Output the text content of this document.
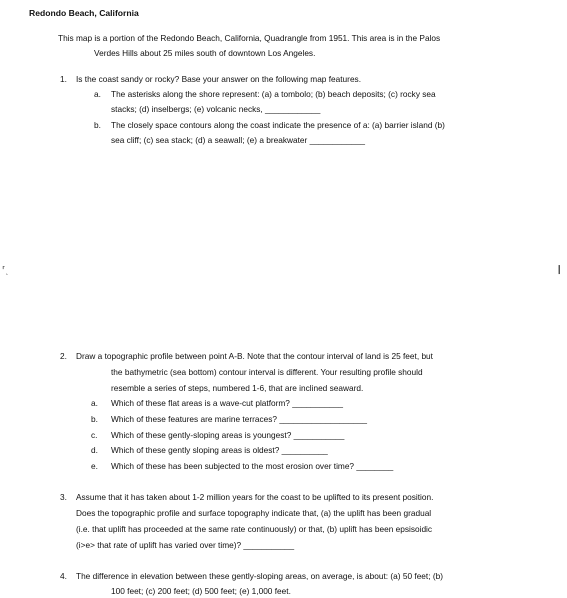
Redondo Beach, California
This map is a portion of the Redondo Beach, California, Quadrangle from 1951. This area is in the Palos
Verdes Hills about 25 miles south of downtown Los Angeles.
1. Is the coast sandy or rocky? Base your answer on the following map features.
a. The asterisks along the shore represent: (a) a tombolo; (b) beach deposits; (c) rocky sea
stacks; (d) inselbergs; (e) volcanic necks, ____________
b. The closely space contours along the coast indicate the presence of a: (a) barrier island (b)
sea cliff; (c) sea stack; (d) a seawall; (e) a breakwater ____________
⸢ˎ	❙
2. Draw a topographic profile between point A-B. Note that the contour interval of land is 25 feet, but
the bathymetric (sea bottom) contour interval is different. Your resulting profile should
resemble a series of steps, numbered 1-6, that are inclined seaward.
a. Which of these flat areas is a wave-cut platform? ___________
b. Which of these features are marine terraces? ___________________
c. Which of these gently-sloping areas is youngest? ___________
d. Which of these gently sloping areas is oldest? __________
e. Which of these has been subjected to the most erosion over time? ________
3. Assume that it has taken about 1-2 million years for the coast to be uplifted to its present position.
Does the topographic profile and surface topography indicate that, (a) the uplift has been gradual
(i.e. that uplift has proceeded at the same rate continuously) or that, (b) uplift has been epsisoidic
(i>e> that rate of uplift has varied over time)? ___________
4. The difference in elevation between these gently-sloping areas, on average, is about: (a) 50 feet; (b)
100 feet; (c) 200 feet; (d) 500 feet; (e) 1,000 feet.
